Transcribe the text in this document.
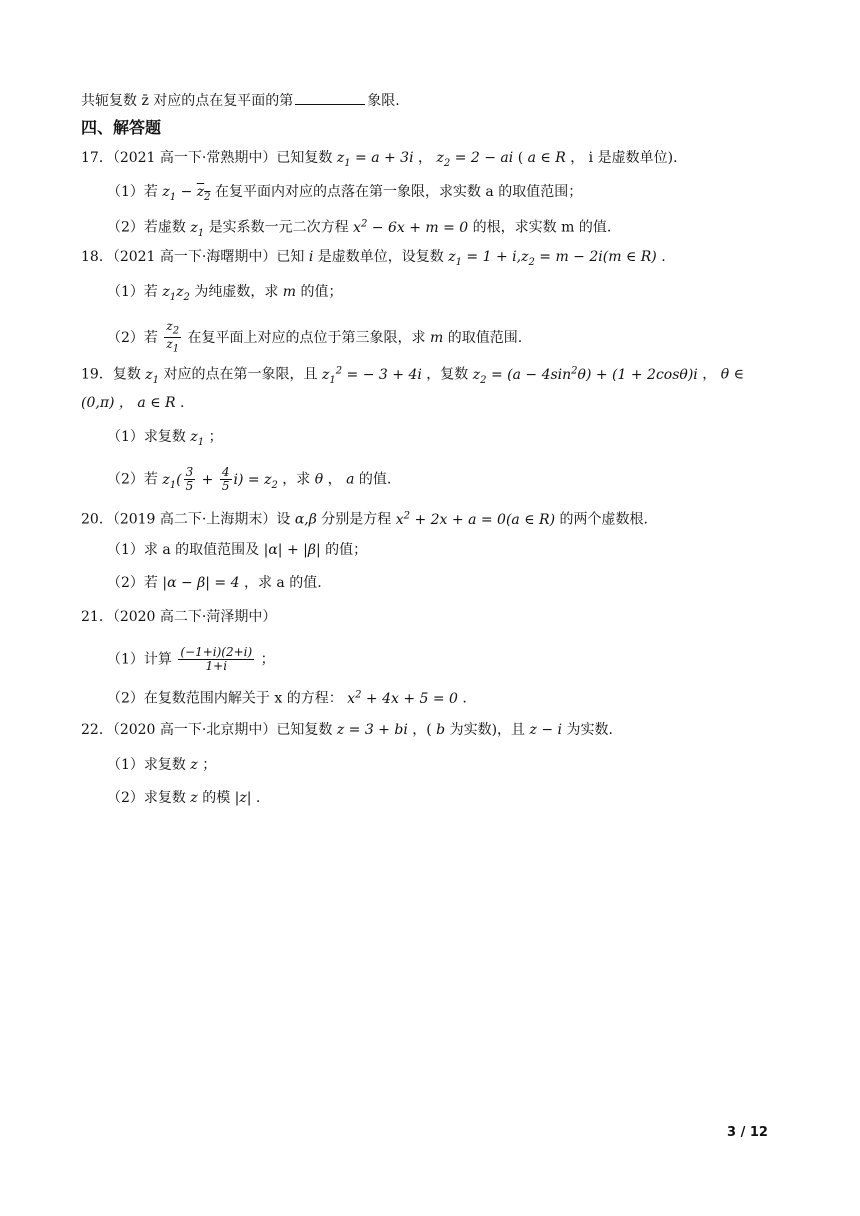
共轭复数 z̄ 对应的点在复平面的第	象限.
四、解答题
17．（2021 高一下·常熟期中）已知复数 $z_1 = a + 3i$ ， $z_2 = 2$ − ai ( a ∈ R ， i 是虚数单位).
（1）若 $z_1 - z_2$ 在复平面内对应的点落在第一象限，求实数 a 的取值范围；
（2）若虚数 $z_1$ 是实系数一元二次方程 $x^2 - 6x + m = 0$ 的根，求实数 m 的值.
18．（2021 高一下·海曙期中）已知 i 是虚数单位，设复数 $z_1 = 1 + i,z_2 = m - 2i(m$ ∈ R) .
（1）若 $z_1z_2$ 为纯虚数，求 m 的值；
（2）若 $\frac{z_2}{z_1}$ 在复平面上对应的点位于第三象限，求 m 的取值范围.
19．复数 $z_1$ 对应的点在第一象限，且 $z_1^2$ = − 3 + 4i ，复数 $z_2 = (a - 4\sin^2\theta) + (1 + 2\cos\theta)i$ ， θ ∈
(0,π) ， a ∈ R .
（1）求复数 $z_1$ ；
（2）若 $z_1( \frac{3}{5} + \frac{4}{5} i) = z_2$ ，求 θ ， a 的值.
20．（2019 高二下·上海期末）设 α,β 分别是方程 $x^2 + 2x + a = 0(a$ ∈ R) 的两个虚数根.
（1）求 a 的取值范围及 |α| + |β| 的值；
（2）若 |α − β| = 4 ，求 a 的值.
21．（2020 高二下·菏泽期中）
（1）计算 $\frac{(-1+i)(2+i)}{1+i}$ ；
（2）在复数范围内解关于 x 的方程： $x^2 + 4x + 5 = 0$ .
22．（2020 高一下·北京期中）已知复数 z = 3 + bi ，( b 为实数)，且 z − i 为实数.
（1）求复数 z ；
（2）求复数 z 的模 |z| .
3 / 12
